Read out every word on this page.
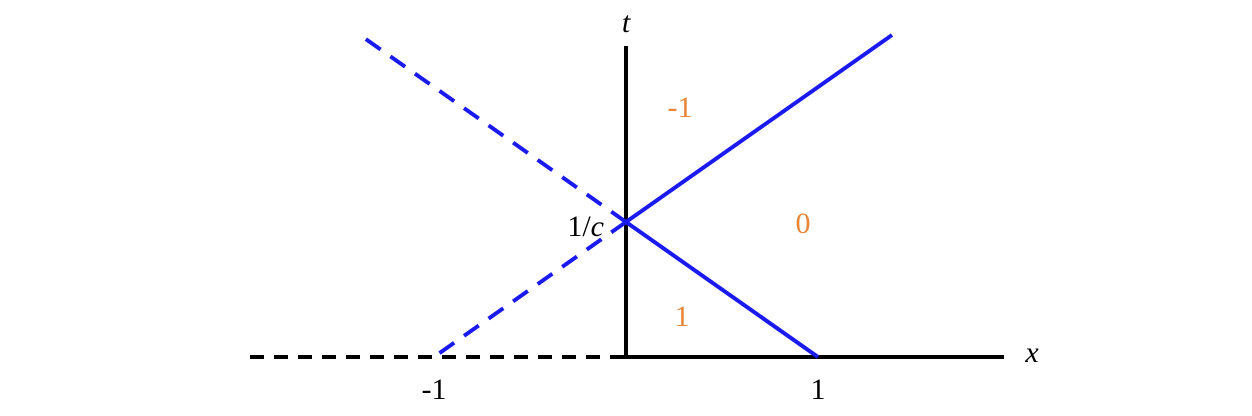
t
x
-1	1
1/c
-1
0
1
